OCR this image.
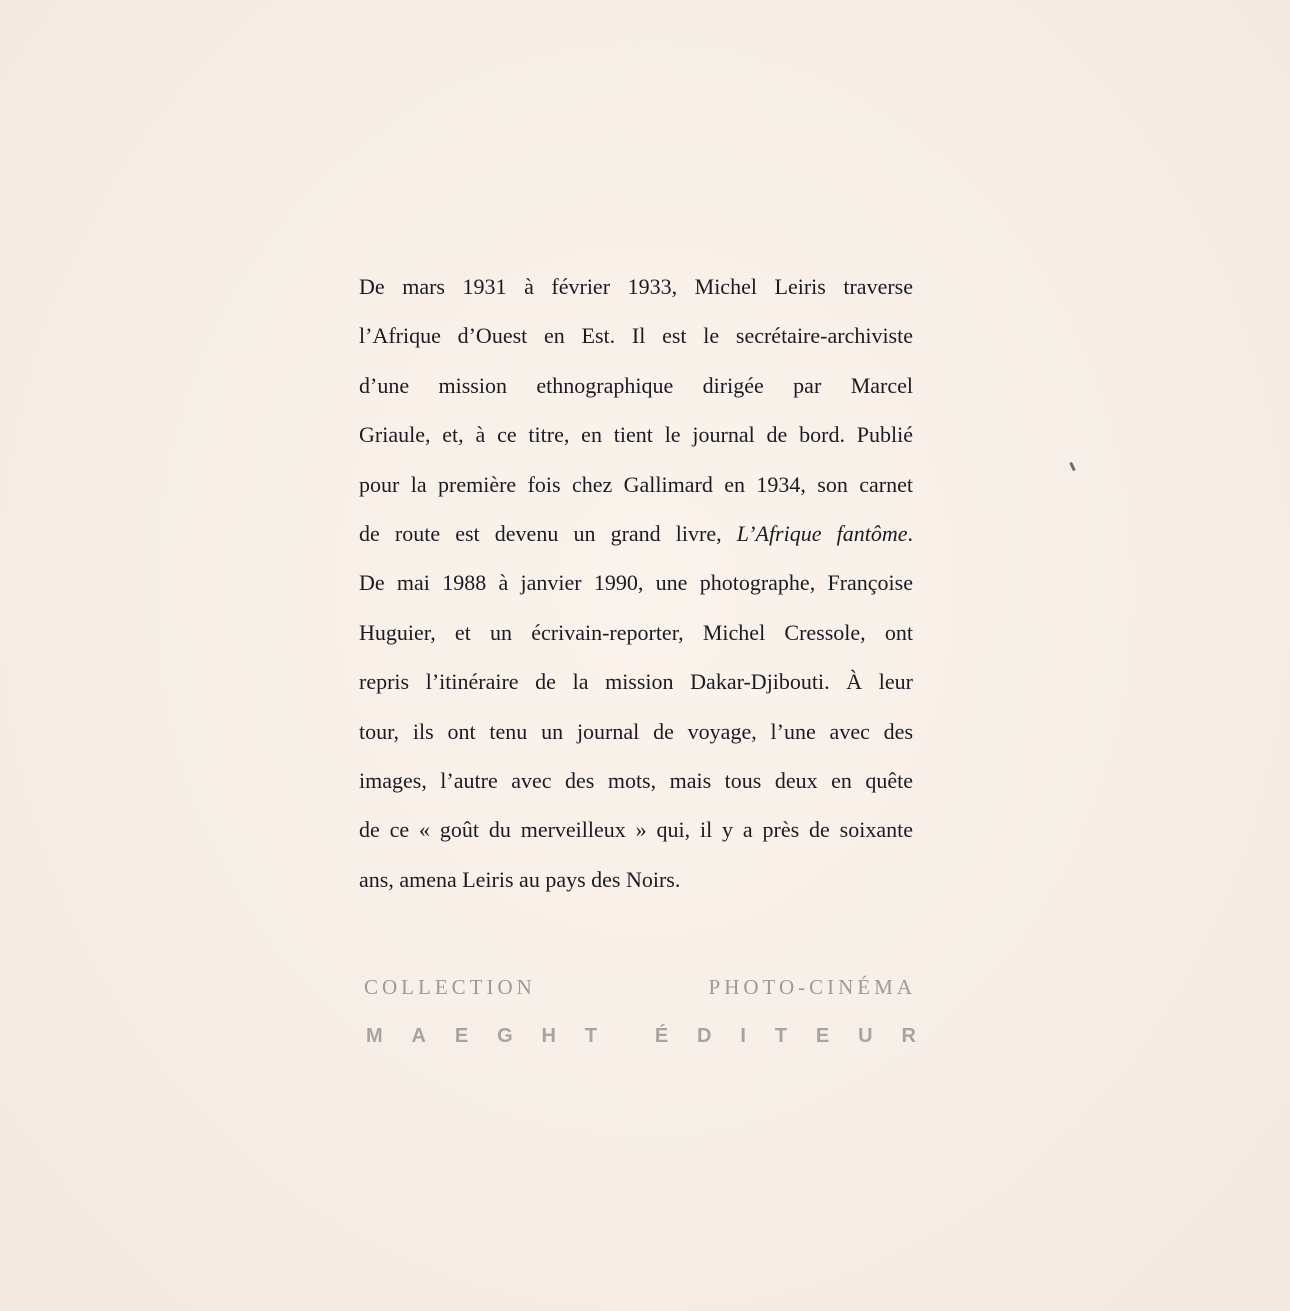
De mars 1931 à février 1933, Michel Leiris traverse
l’Afrique d’Ouest en Est. Il est le secrétaire-archiviste
d’une mission ethnographique dirigée par Marcel
Griaule, et, à ce titre, en tient le journal de bord. Publié
pour la première fois chez Gallimard en 1934, son carnet
de route est devenu un grand livre, L’Afrique fantôme.
De mai 1988 à janvier 1990, une photographe, Françoise
Huguier, et un écrivain-reporter, Michel Cressole, ont
repris l’itinéraire de la mission Dakar-Djibouti. À leur
tour, ils ont tenu un journal de voyage, l’une avec des
images, l’autre avec des mots, mais tous deux en quête
de ce « goût du merveilleux » qui, il y a près de soixante
ans, amena Leiris au pays des Noirs.
COLLECTION PHOTO-CINÉMA
M A E G H T	É D I T E U R
